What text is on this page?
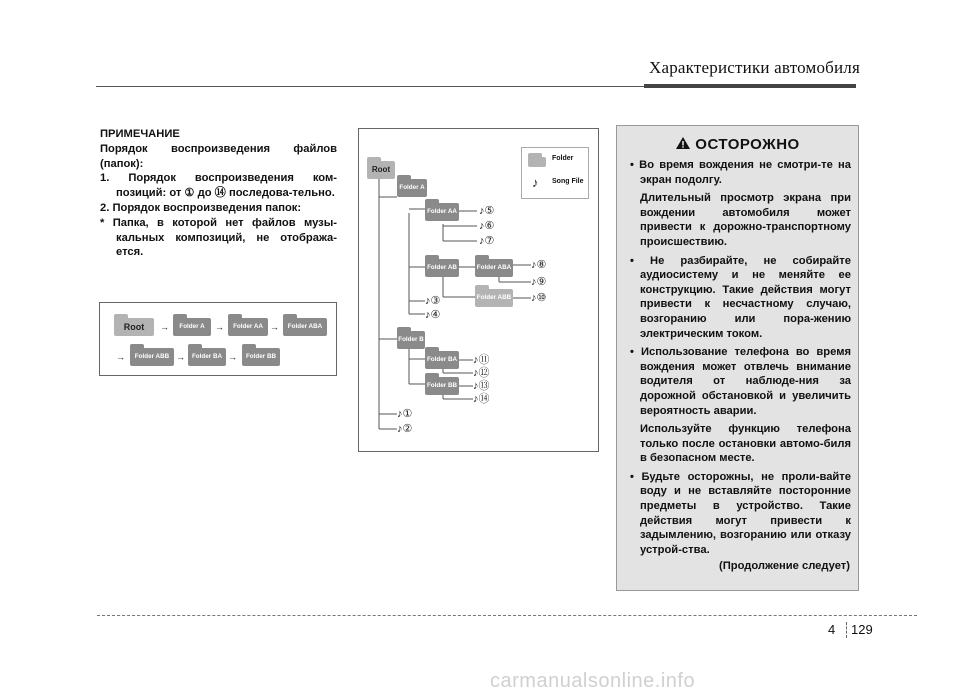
Характеристики автомобиля

ПРИМЕЧАНИЕ

Порядок воспроизведения файлов (папок):

1. Порядок воспроизведения ком-позиций: от ① до ⑭ последова-тельно.

2. Порядок воспроизведения папок:

* Папка, в которой нет файлов музы-кальных композиций, не отобража-ется.

Root	→	Folder A	→	Folder AA →	Folder ABA
→	Folder ABB →	Folder BA →	Folder BB
Root
Folder A
Folder AA
Folder AB	Folder ABA
Folder ABB
Folder B
Folder BA
Folder BB
Folder
♪ Song File
♪⑤
♪⑥
♪⑦
♪⑧
♪⑨
♪⑩
♪③
♪④
♪⑪
♪⑫
♪⑬
♪⑭
♪①
♪②
ОСТОРОЖНО

• Во время вождения не смотри-те на экран подолгу.

Длительный просмотр экрана при вождении автомобиля может привести к дорожно-транспортному происшествию.

• Не разбирайте, не собирайте аудиосистему и не меняйте ее конструкцию. Такие действия могут привести к несчастному случаю, возгоранию или пора-жению электрическим током.

• Использование телефона во время вождения может отвлечь внимание водителя от наблюде-ния за дорожной обстановкой и увеличить вероятность аварии.

Используйте функцию телефона только после остановки автомо-биля в безопасном месте.

• Будьте осторожны, не проли-вайте воду и не вставляйте посторонние предметы в устройство. Такие действия могут привести к задымлению, возгоранию или отказу устрой-ства.

(Продолжение следует)
4 129
carmanualsonline.info
